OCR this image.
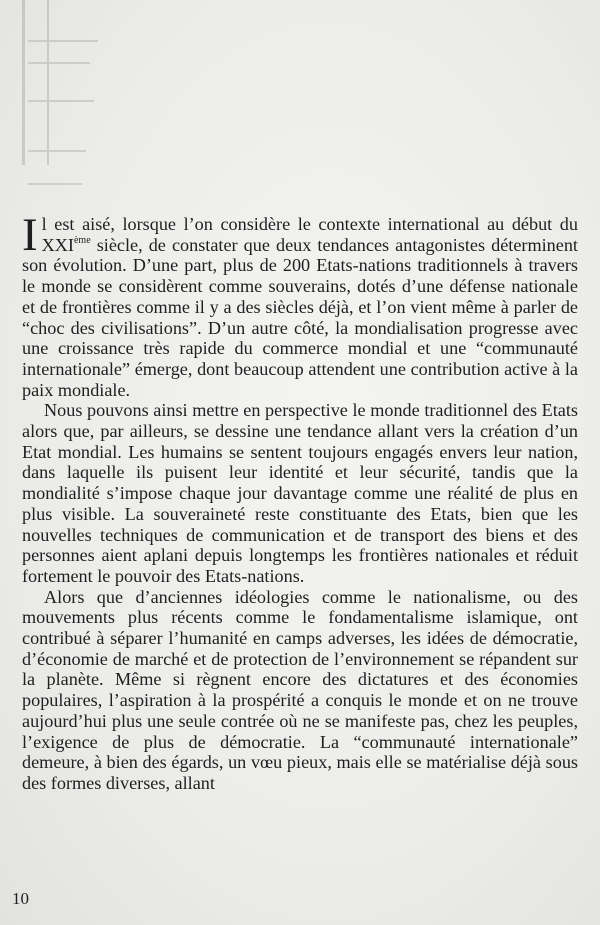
Il est aisé, lorsque l’on considère le contexte international au début du XXIème siècle, de constater que deux tendances antagonistes déterminent son évolution. D’une part, plus de 200 Etats-nations traditionnels à travers le monde se considèrent comme souverains, dotés d’une défense nationale et de frontières comme il y a des siècles déjà, et l’on vient même à parler de “choc des civilisations”. D’un autre côté, la mondialisation progresse avec une croissance très rapide du commerce mondial et une “communauté internationale” émerge, dont beaucoup attendent une contribution active à la paix mondiale.

Nous pouvons ainsi mettre en perspective le monde traditionnel des Etats alors que, par ailleurs, se dessine une tendance allant vers la création d’un Etat mondial. Les humains se sentent toujours engagés envers leur nation, dans laquelle ils puisent leur identité et leur sécurité, tandis que la mondialité s’impose chaque jour davantage comme une réalité de plus en plus visible. La souveraineté reste constituante des Etats, bien que les nouvelles techniques de communication et de transport des biens et des personnes aient aplani depuis longtemps les frontières nationales et réduit fortement le pouvoir des Etats-nations.

Alors que d’anciennes idéologies comme le nationalisme, ou des mouvements plus récents comme le fondamentalisme islamique, ont contribué à séparer l’humanité en camps adverses, les idées de démocratie, d’économie de marché et de protection de l’environnement se répandent sur la planète. Même si règnent encore des dictatures et des économies populaires, l’aspiration à la prospérité a conquis le monde et on ne trouve aujourd’hui plus une seule contrée où ne se manifeste pas, chez les peuples, l’exigence de plus de démocratie. La “communauté internationale” demeure, à bien des égards, un vœu pieux, mais elle se matérialise déjà sous des formes diverses, allant

10
